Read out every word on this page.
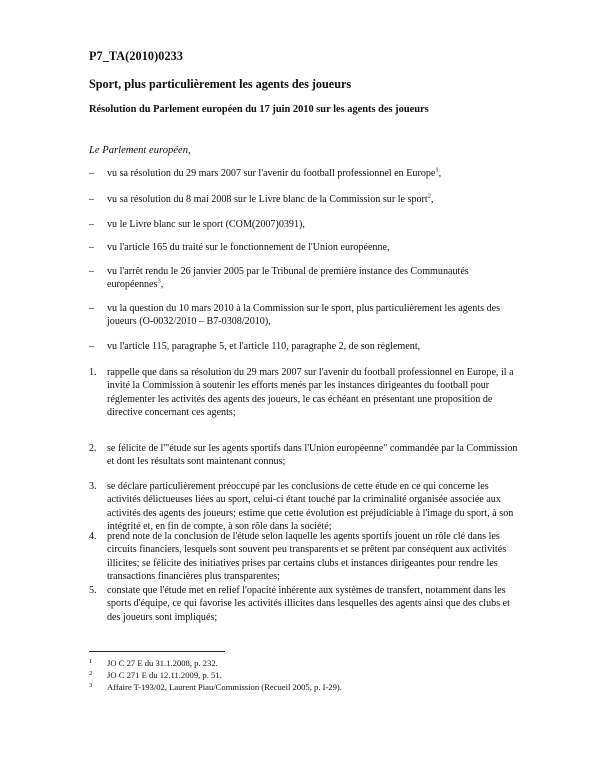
P7_TA(2010)0233
Sport, plus particulièrement les agents des joueurs
Résolution du Parlement européen du 17 juin 2010 sur les agents des joueurs
Le Parlement européen,
– vu sa résolution du 29 mars 2007 sur l'avenir du football professionnel en Europe$^1$,
– vu sa résolution du 8 mai 2008 sur le Livre blanc de la Commission sur le sport$^2$,
– vu le Livre blanc sur le sport (COM(2007)0391),
– vu l'article 165 du traité sur le fonctionnement de l'Union européenne,
– vu l'arrêt rendu le 26 janvier 2005 par le Tribunal de première instance des Communautés européennes$^3$,
– vu la question du 10 mars 2010 à la Commission sur le sport, plus particulièrement les agents des joueurs (O-0032/2010 – B7-0308/2010),
– vu l'article 115, paragraphe 5, et l'article 110, paragraphe 2, de son règlement,
1. rappelle que dans sa résolution du 29 mars 2007 sur l'avenir du football professionnel en Europe, il a invité la Commission à soutenir les efforts menés par les instances dirigeantes du football pour réglementer les activités des agents des joueurs, le cas échéant en présentant une proposition de directive concernant ces agents;
2. se félicite de l'"étude sur les agents sportifs dans l'Union européenne" commandée par la Commission et dont les résultats sont maintenant connus;
3. se déclare particulièrement préoccupé par les conclusions de cette étude en ce qui concerne les activités délictueuses liées au sport, celui-ci étant touché par la criminalité organisée associée aux activités des agents des joueurs; estime que cette évolution est préjudiciable à l'image du sport, à son intégrité et, en fin de compte, à son rôle dans la société;
4. prend note de la conclusion de l'étude selon laquelle les agents sportifs jouent un rôle clé dans les circuits financiers, lesquels sont souvent peu transparents et se prêtent par conséquent aux activités illicites; se félicite des initiatives prises par certains clubs et instances dirigeantes pour rendre les transactions financières plus transparentes;
5. constate que l'étude met en relief l'opacité inhérente aux systèmes de transfert, notamment dans les sports d'équipe, ce qui favorise les activités illicites dans lesquelles des agents ainsi que des clubs et des joueurs sont impliqués;
1 JO C 27 E du 31.1.2008, p. 232.
2 JO C 271 E du 12.11.2009, p. 51.
3 Affaire T-193/02, Laurent Piau/Commission (Recueil 2005, p. I-29).
